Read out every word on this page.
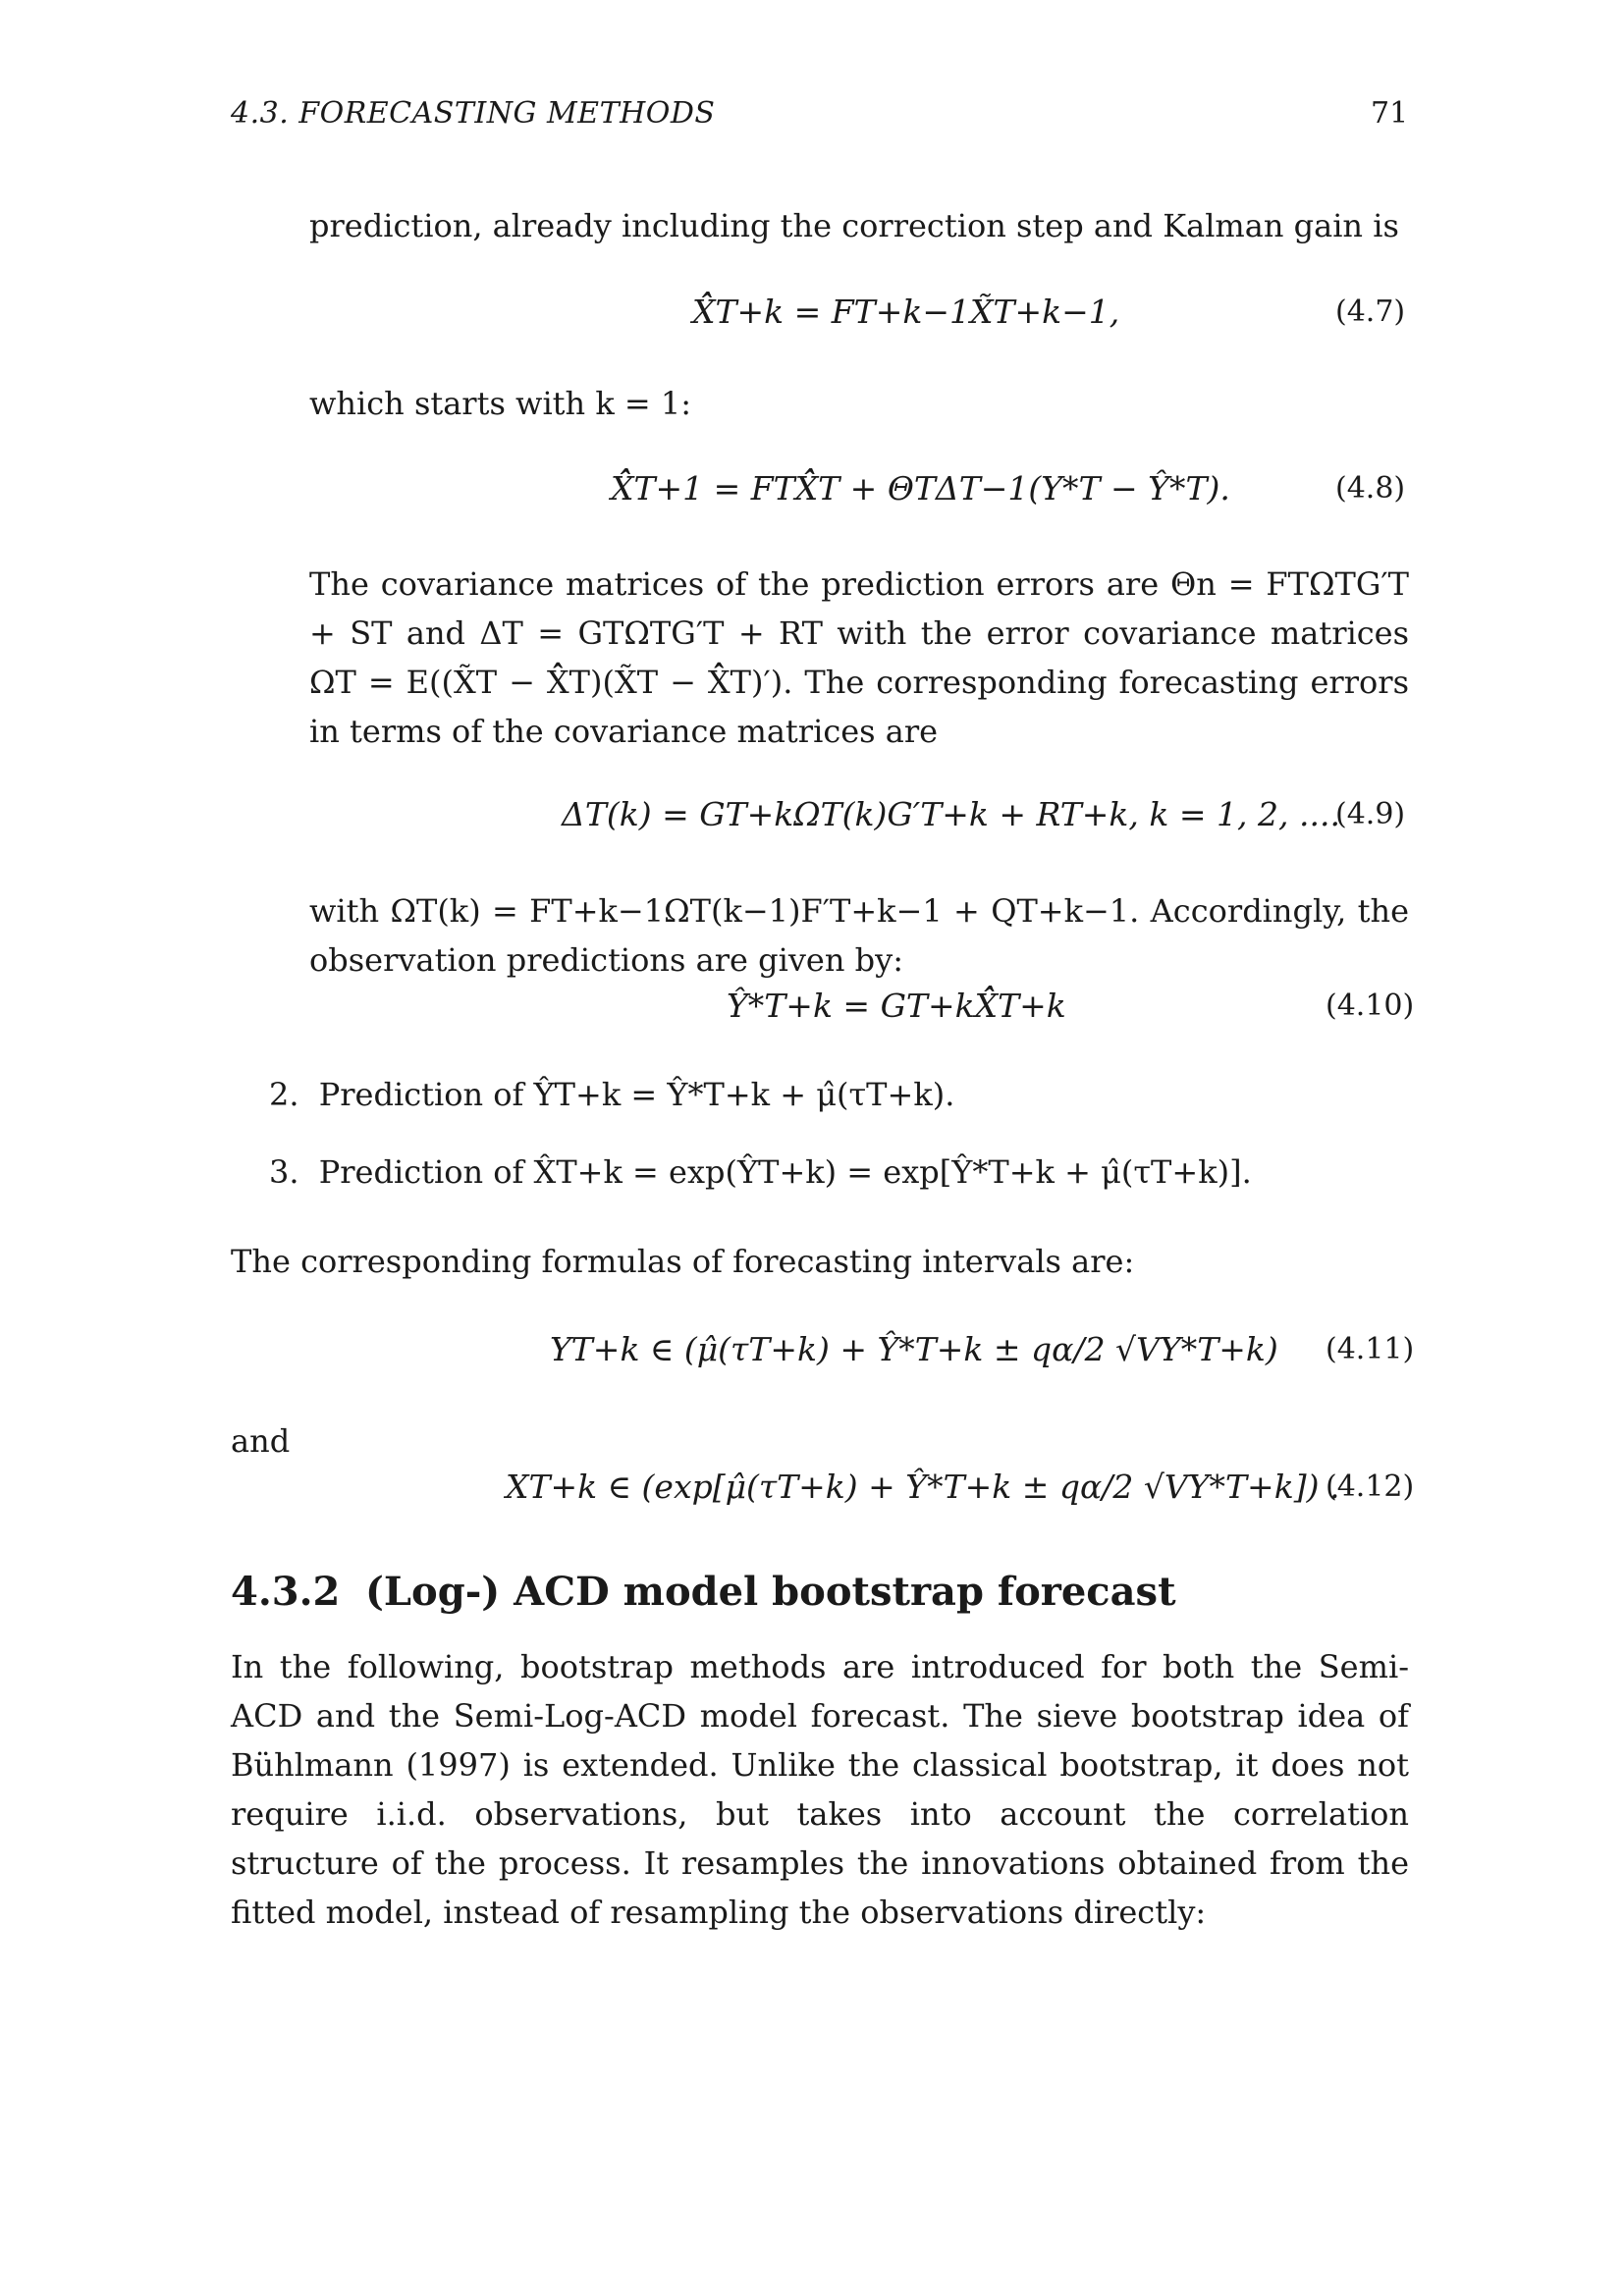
4.3. FORECASTING METHODS	71
prediction, already including the correction step and Kalman gain is
X̂̂T+k = FT+k−1X̃T+k−1,	(4.7)
which starts with k = 1:
X̂̂T+1 = FTX̂̂T + ΘTΔT−1(Y*T − Ŷ*T).	(4.8)
The covariance matrices of the prediction errors are Θn = FTΩTG′T + ST and ΔT = GTΩTG′T + RT with the error covariance matrices ΩT = E((X̃T − X̂̂T)(X̃T − X̂̂T)′). The corresponding forecasting errors in terms of the covariance matrices are
ΔT(k) = GT+kΩT(k)G′T+k + RT+k, k = 1, 2, ....
(4.9)
with ΩT(k) = FT+k−1ΩT(k−1)F′T+k−1 + QT+k−1. Accordingly, the observation predictions are given by:
Ŷ*T+k = GT+kX̂̂T+k	(4.10)
2. Prediction of ŶT+k = Ŷ*T+k + μ̂(τT+k).
3. Prediction of X̂T+k = exp(ŶT+k) = exp[Ŷ*T+k + μ̂(τT+k)].
The corresponding formulas of forecasting intervals are:
YT+k ∈ (μ̂(τT+k) + Ŷ*T+k ± qα/2 √VY*T+k) (4.11)
and
XT+k ∈ (exp[μ̂(τT+k) + Ŷ*T+k ± qα/2 √VY*T+k]) .
(4.12)
4.3.2 (Log-) ACD model bootstrap forecast
In the following, bootstrap methods are introduced for both the Semi-ACD and the Semi-Log-ACD model forecast. The sieve bootstrap idea of Bühlmann (1997) is extended. Unlike the classical bootstrap, it does not require i.i.d. observations, but takes into account the correlation structure of the process. It resamples the innovations obtained from the fitted model, instead of resampling the observations directly:
